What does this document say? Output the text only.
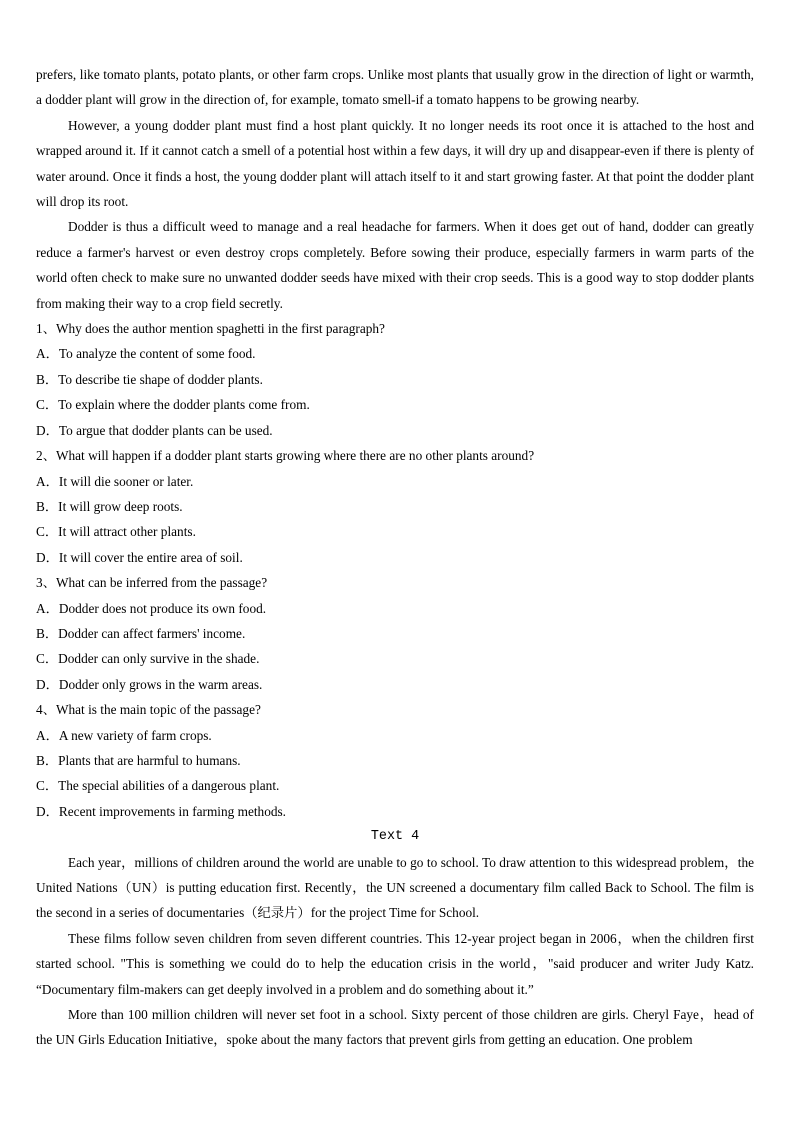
prefers, like tomato plants, potato plants, or other farm crops. Unlike most plants that usually grow in the direction of light or warmth, a dodder plant will grow in the direction of, for example, tomato smell-if a tomato happens to be growing nearby.

However, a young dodder plant must find a host plant quickly. It no longer needs its root once it is attached to the host and wrapped around it. If it cannot catch a smell of a potential host within a few days, it will dry up and disappear-even if there is plenty of water around. Once it finds a host, the young dodder plant will attach itself to it and start growing faster. At that point the dodder plant will drop its root.

Dodder is thus a difficult weed to manage and a real headache for farmers. When it does get out of hand, dodder can greatly reduce a farmer's harvest or even destroy crops completely. Before sowing their produce, especially farmers in warm parts of the world often check to make sure no unwanted dodder seeds have mixed with their crop seeds. This is a good way to stop dodder plants from making their way to a crop field secretly.

1、Why does the author mention spaghetti in the first paragraph?

A．To analyze the content of some food.

B．To describe tie shape of dodder plants.

C．To explain where the dodder plants come from.

D．To argue that dodder plants can be used.

2、What will happen if a dodder plant starts growing where there are no other plants around?

A．It will die sooner or later.

B．It will grow deep roots.

C．It will attract other plants.

D．It will cover the entire area of soil.

3、What can be inferred from the passage?

A．Dodder does not produce its own food.

B．Dodder can affect farmers' income.

C．Dodder can only survive in the shade.

D．Dodder only grows in the warm areas.

4、What is the main topic of the passage?

A．A new variety of farm crops.

B．Plants that are harmful to humans.

C．The special abilities of a dangerous plant.

D．Recent improvements in farming methods.

Text 4

Each year，millions of children around the world are unable to go to school. To draw attention to this widespread problem，the United Nations（UN）is putting education first. Recently，the UN screened a documentary film called Back to School. The film is the second in a series of documentaries（纪录片）for the project Time for School.

These films follow seven children from seven different countries. This 12-year project began in 2006，when the children first started school. "This is something we could do to help the education crisis in the world，"said producer and writer Judy Katz. “Documentary film-makers can get deeply involved in a problem and do something about it.”

More than 100 million children will never set foot in a school. Sixty percent of those children are girls. Cheryl Faye，head of the UN Girls Education Initiative，spoke about the many factors that prevent girls from getting an education. One problem
